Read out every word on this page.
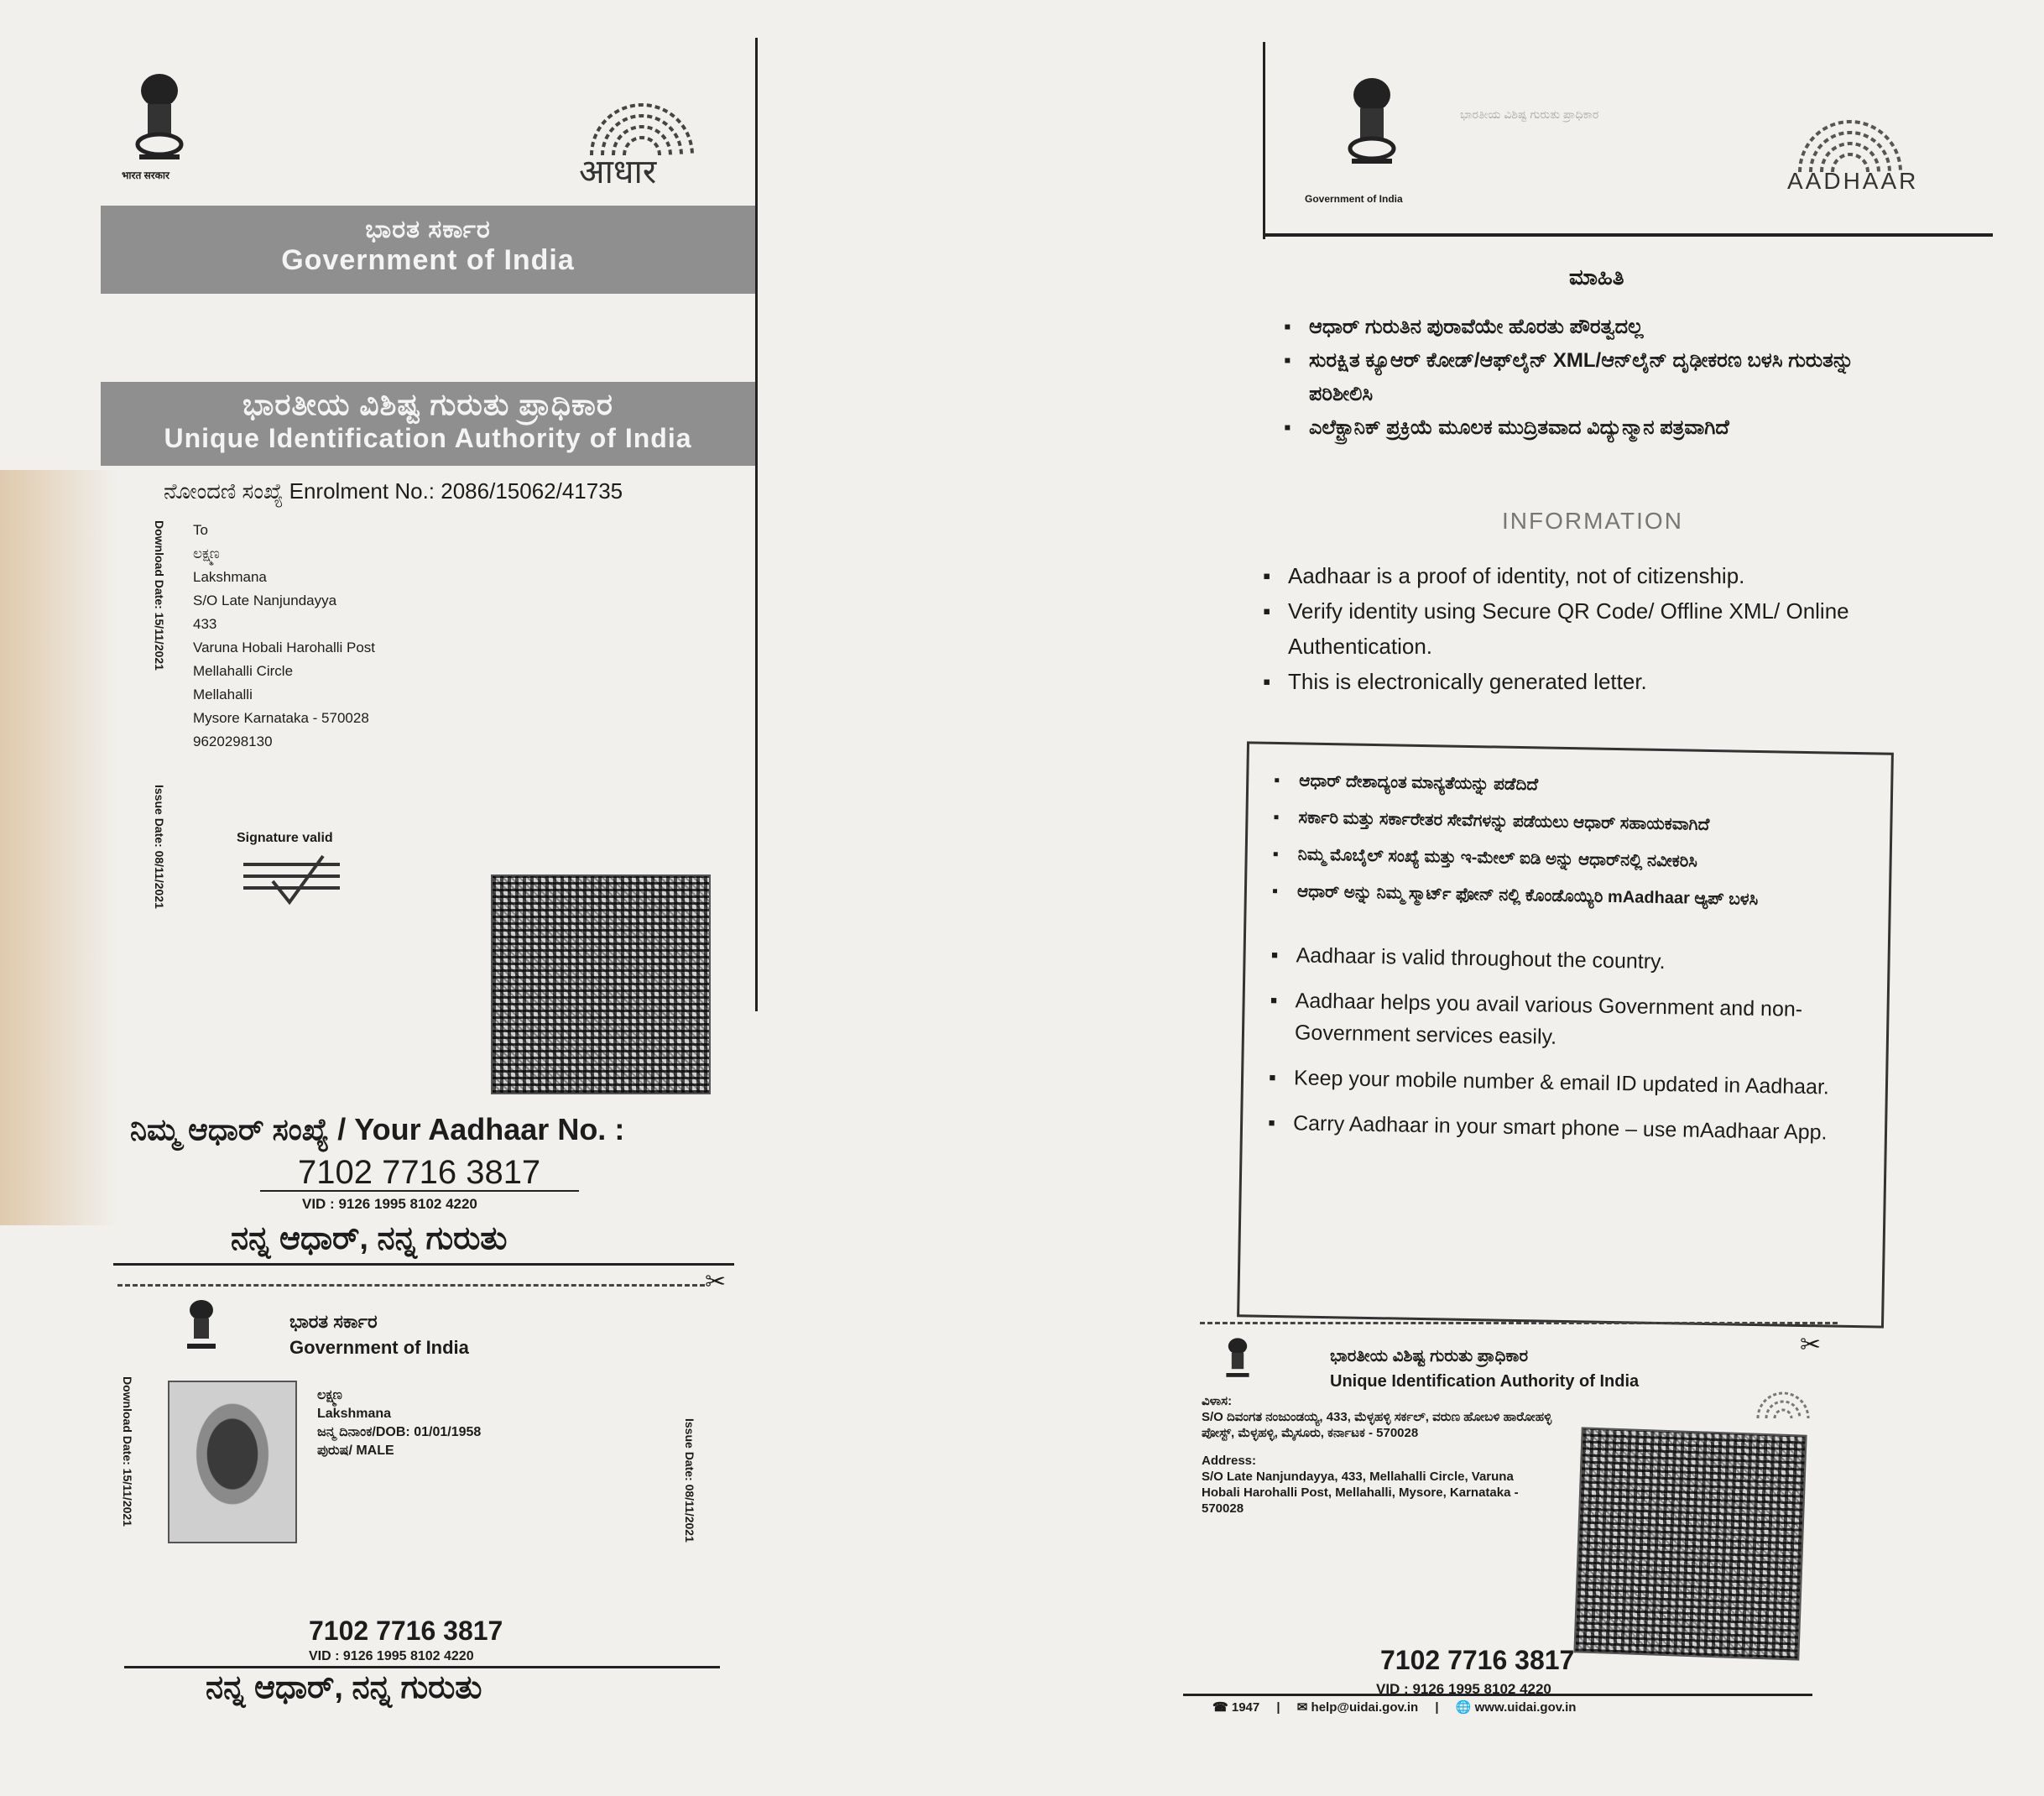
भारत सरकार	आधार
ಭಾರತ ಸರ್ಕಾರ
Government of India
ಭಾರತೀಯ ವಿಶಿಷ್ಟ ಗುರುತು ಪ್ರಾಧಿಕಾರ
Unique Identification Authority of India
ನೋಂದಣಿ ಸಂಖ್ಯೆ Enrolment No.: 2086/15062/41735
Download Date: 15/11/2021
Issue Date: 08/11/2021
To
ಲಕ್ಷ್ಮಣ
Lakshmana
S/O Late Nanjundayya
433
Varuna Hobali Harohalli Post
Mellahalli Circle
Mellahalli
Mysore Karnataka - 570028
9620298130
Signature valid
ನಿಮ್ಮ ಆಧಾರ್ ಸಂಖ್ಯೆ / Your Aadhaar No. :
7102 7716 3817
VID : 9126 1995 8102 4220
ನನ್ನ ಆಧಾರ್, ನನ್ನ ಗುರುತು
✂
ಭಾರತ ಸರ್ಕಾರ
Government of India
Download Date: 15/11/2021	Issue Date: 08/11/2021
ಲಕ್ಷ್ಮಣ
Lakshmana
ಜನ್ಮ ದಿನಾಂಕ/DOB: 01/01/1958
ಪುರುಷ/ MALE
7102 7716 3817
VID : 9126 1995 8102 4220
ನನ್ನ ಆಧಾರ್, ನನ್ನ ಗುರುತು
Government of India
ಭಾರತೀಯ ವಿಶಿಷ್ಟ ಗುರುತು ಪ್ರಾಧಿಕಾರ
AADHAAR
ಮಾಹಿತಿ
▪ ಆಧಾರ್ ಗುರುತಿನ ಪುರಾವೆಯೇ ಹೊರತು ಪೌರತ್ವದಲ್ಲ
▪ ಸುರಕ್ಷಿತ ಕ್ಯೂಆರ್ ಕೋಡ್/ಆಫ್‌ಲೈನ್ XML/ಆನ್‌ಲೈನ್ ದೃಢೀಕರಣ ಬಳಸಿ ಗುರುತನ್ನು ಪರಿಶೀಲಿಸಿ
▪ ಎಲೆಕ್ಟ್ರಾನಿಕ್ ಪ್ರಕ್ರಿಯೆ ಮೂಲಕ ಮುದ್ರಿತವಾದ ವಿದ್ಯುನ್ಮಾನ ಪತ್ರವಾಗಿದೆ
INFORMATION
▪ Aadhaar is a proof of identity, not of citizenship.
▪ Verify identity using Secure QR Code/ Offline XML/ Online Authentication.
▪ This is electronically generated letter.
▪ ಆಧಾರ್ ದೇಶಾದ್ಯಂತ ಮಾನ್ಯತೆಯನ್ನು ಪಡೆದಿದೆ
▪ ಸರ್ಕಾರಿ ಮತ್ತು ಸರ್ಕಾರೇತರ ಸೇವೆಗಳನ್ನು ಪಡೆಯಲು ಆಧಾರ್ ಸಹಾಯಕವಾಗಿದೆ
▪ ನಿಮ್ಮ ಮೊಬೈಲ್ ಸಂಖ್ಯೆ ಮತ್ತು ಇ-ಮೇಲ್ ಐಡಿ ಅನ್ನು ಆಧಾರ್‌ನಲ್ಲಿ ನವೀಕರಿಸಿ
▪ ಆಧಾರ್ ಅನ್ನು ನಿಮ್ಮ ಸ್ಮಾರ್ಟ್ ಫೋನ್ ನಲ್ಲಿ ಕೊಂಡೊಯ್ಯಿರಿ mAadhaar ಆ್ಯಪ್ ಬಳಸಿ
▪ Aadhaar is valid throughout the country.
▪ Aadhaar helps you avail various Government and non-Government services easily.
▪ Keep your mobile number & email ID updated in Aadhaar.
▪ Carry Aadhaar in your smart phone – use mAadhaar App.
✂
ಭಾರತೀಯ ವಿಶಿಷ್ಟ ಗುರುತು ಪ್ರಾಧಿಕಾರ
Unique Identification Authority of India
ವಿಳಾಸ:
S/O ದಿವಂಗತ ನಂಜುಂಡಯ್ಯ, 433, ಮೆಳ್ಳಹಳ್ಳಿ ಸರ್ಕಲ್, ವರುಣ ಹೋಬಳಿ ಹಾರೋಹಳ್ಳಿ ಪೋಸ್ಟ್, ಮೆಳ್ಳಹಳ್ಳಿ, ಮೈಸೂರು, ಕರ್ನಾಟಕ - 570028
Address:
S/O Late Nanjundayya, 433, Mellahalli Circle, Varuna Hobali Harohalli Post, Mellahalli, Mysore, Karnataka - 570028
7102 7716 3817
VID : 9126 1995 8102 4220
☎ 1947 | ✉ help@uidai.gov.in | 🌐 www.uidai.gov.in
